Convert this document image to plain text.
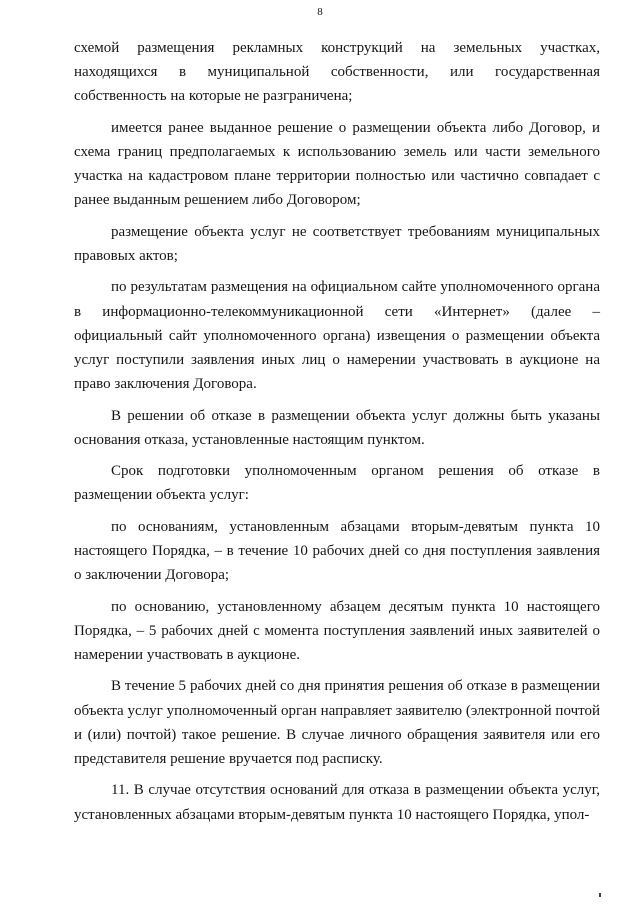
8

схемой размещения рекламных конструкций на земельных участках, находящихся в муниципальной собственности, или государственная собственность на которые не разграничена;

имеется ранее выданное решение о размещении объекта либо Договор, и схема границ предполагаемых к использованию земель или части земельного участка на кадастровом плане территории полностью или частично совпадает с ранее выданным решением либо Договором;

размещение объекта услуг не соответствует требованиям муниципальных правовых актов;

по результатам размещения на официальном сайте уполномоченного органа в информационно-телекоммуникационной сети «Интернет» (далее – официальный сайт уполномоченного органа) извещения о размещении объекта услуг поступили заявления иных лиц о намерении участвовать в аукционе на право заключения Договора.

В решении об отказе в размещении объекта услуг должны быть указаны основания отказа, установленные настоящим пунктом.

Срок подготовки уполномоченным органом решения об отказе в размещении объекта услуг:

по основаниям, установленным абзацами вторым-девятым пункта 10 настоящего Порядка, – в течение 10 рабочих дней со дня поступления заявления о заключении Договора;

по основанию, установленному абзацем десятым пункта 10 настоящего Порядка, – 5 рабочих дней с момента поступления заявлений иных заявителей о намерении участвовать в аукционе.

В течение 5 рабочих дней со дня принятия решения об отказе в размещении объекта услуг уполномоченный орган направляет заявителю (электронной почтой и (или) почтой) такое решение. В случае личного обращения заявителя или его представителя решение вручается под расписку.

11. В случае отсутствия оснований для отказа в размещении объекта услуг, установленных абзацами вторым-девятым пункта 10 настоящего Порядка, упол-
